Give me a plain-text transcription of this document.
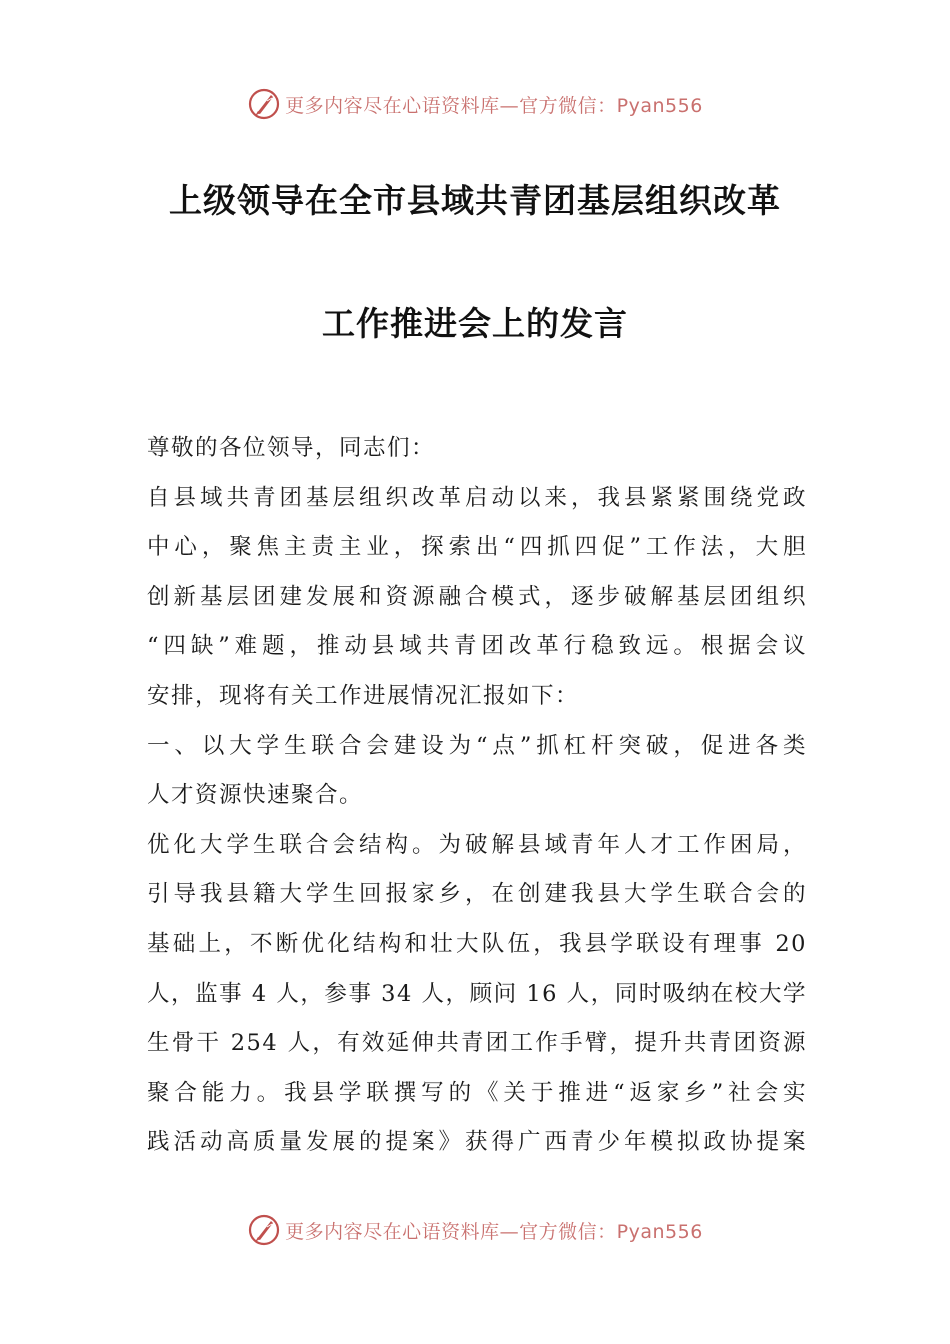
更多内容尽在心语资料库—官方微信：Pyan556
上级领导在全市县域共青团基层组织改革
工作推进会上的发言
尊敬的各位领导，同志们：
自县域共青团基层组织改革启动以来，我县紧紧围绕党政
中心，聚焦主责主业，探索出“四抓四促”工作法，大胆
创新基层团建发展和资源融合模式，逐步破解基层团组织
“四缺”难题，推动县域共青团改革行稳致远。根据会议
安排，现将有关工作进展情况汇报如下：
一、以大学生联合会建设为“点”抓杠杆突破，促进各类
人才资源快速聚合。
优化大学生联合会结构。为破解县域青年人才工作困局，
引导我县籍大学生回报家乡，在创建我县大学生联合会的
基础上，不断优化结构和壮大队伍，我县学联设有理事 20
人，监事 4 人，参事 34 人，顾问 16 人，同时吸纳在校大学
生骨干 254 人，有效延伸共青团工作手臂，提升共青团资源
聚合能力。我县学联撰写的《关于推进“返家乡”社会实
践活动高质量发展的提案》获得广西青少年模拟政协提案
更多内容尽在心语资料库—官方微信：Pyan556
